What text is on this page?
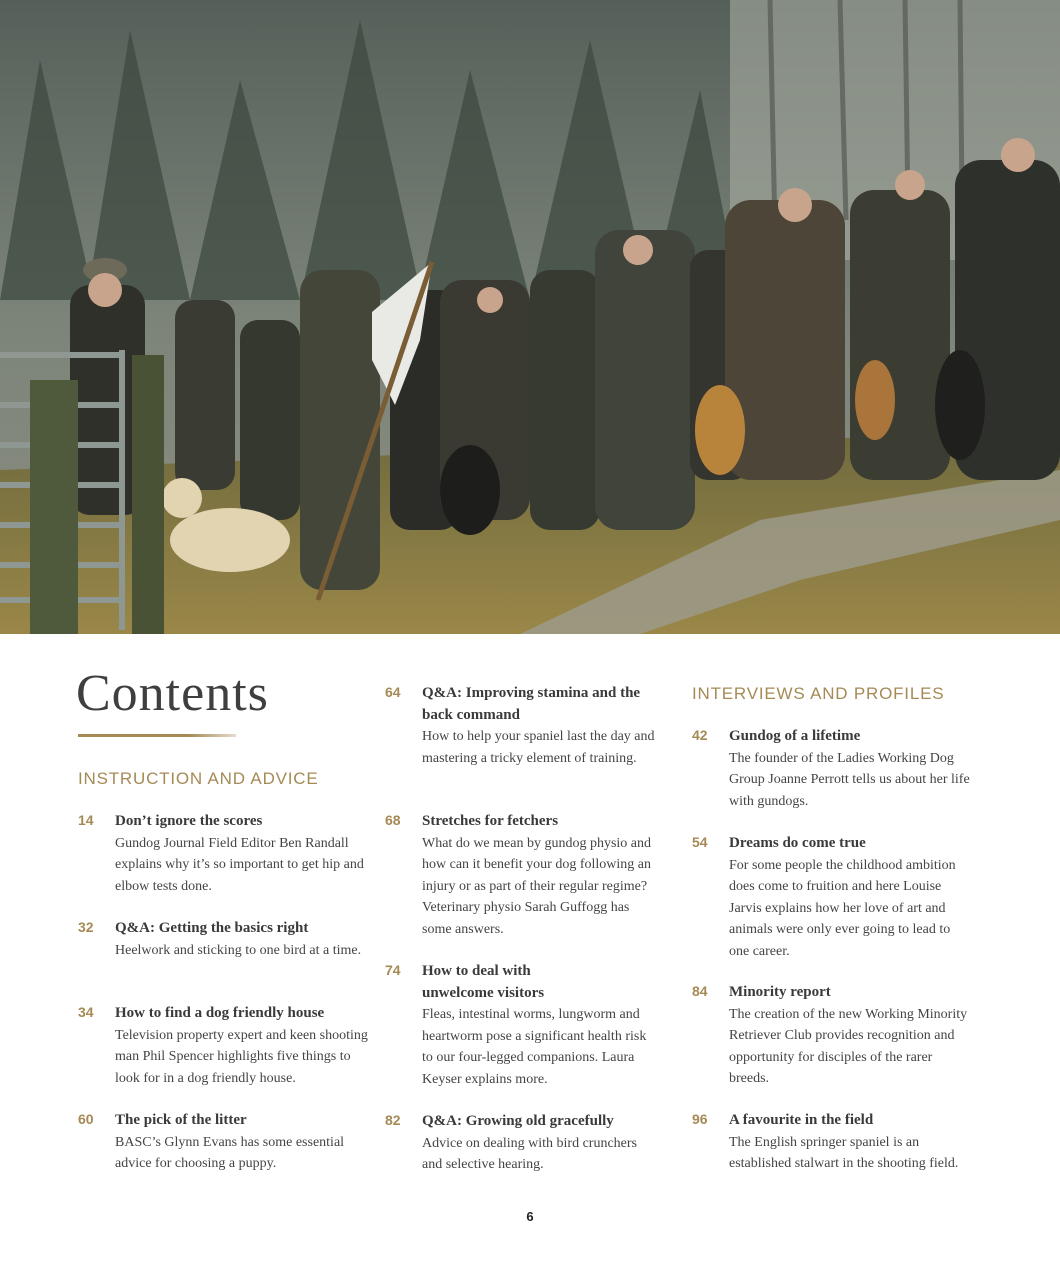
Contents
INSTRUCTION AND ADVICE
14 Don’t ignore the scores
Gundog Journal Field Editor Ben Randall explains why it’s so important to get hip and elbow tests done.
32 Q&A: Getting the basics right
Heelwork and sticking to one bird at a time.
34 How to find a dog friendly house
Television property expert and keen shooting man Phil Spencer highlights five things to look for in a dog friendly house.
60 The pick of the litter
BASC’s Glynn Evans has some essential advice for choosing a puppy.
64 Q&A: Improving stamina and the back command
How to help your spaniel last the day and mastering a tricky element of training.
68 Stretches for fetchers
What do we mean by gundog physio and how can it benefit your dog following an injury or as part of their regular regime? Veterinary physio Sarah Guffogg has some answers.
74 How to deal with unwelcome visitors
Fleas, intestinal worms, lungworm and heartworm pose a significant health risk to our four-legged companions. Laura Keyser explains more.
82 Q&A: Growing old gracefully
Advice on dealing with bird crunchers and selective hearing.
INTERVIEWS AND PROFILES
42 Gundog of a lifetime
The founder of the Ladies Working Dog Group Joanne Perrott tells us about her life with gundogs.
54 Dreams do come true
For some people the childhood ambition does come to fruition and here Louise Jarvis explains how her love of art and animals were only ever going to lead to one career.
84 Minority report
The creation of the new Working Minority Retriever Club provides recognition and opportunity for disciples of the rarer breeds.
96 A favourite in the field
The English springer spaniel is an established stalwart in the shooting field.
6
